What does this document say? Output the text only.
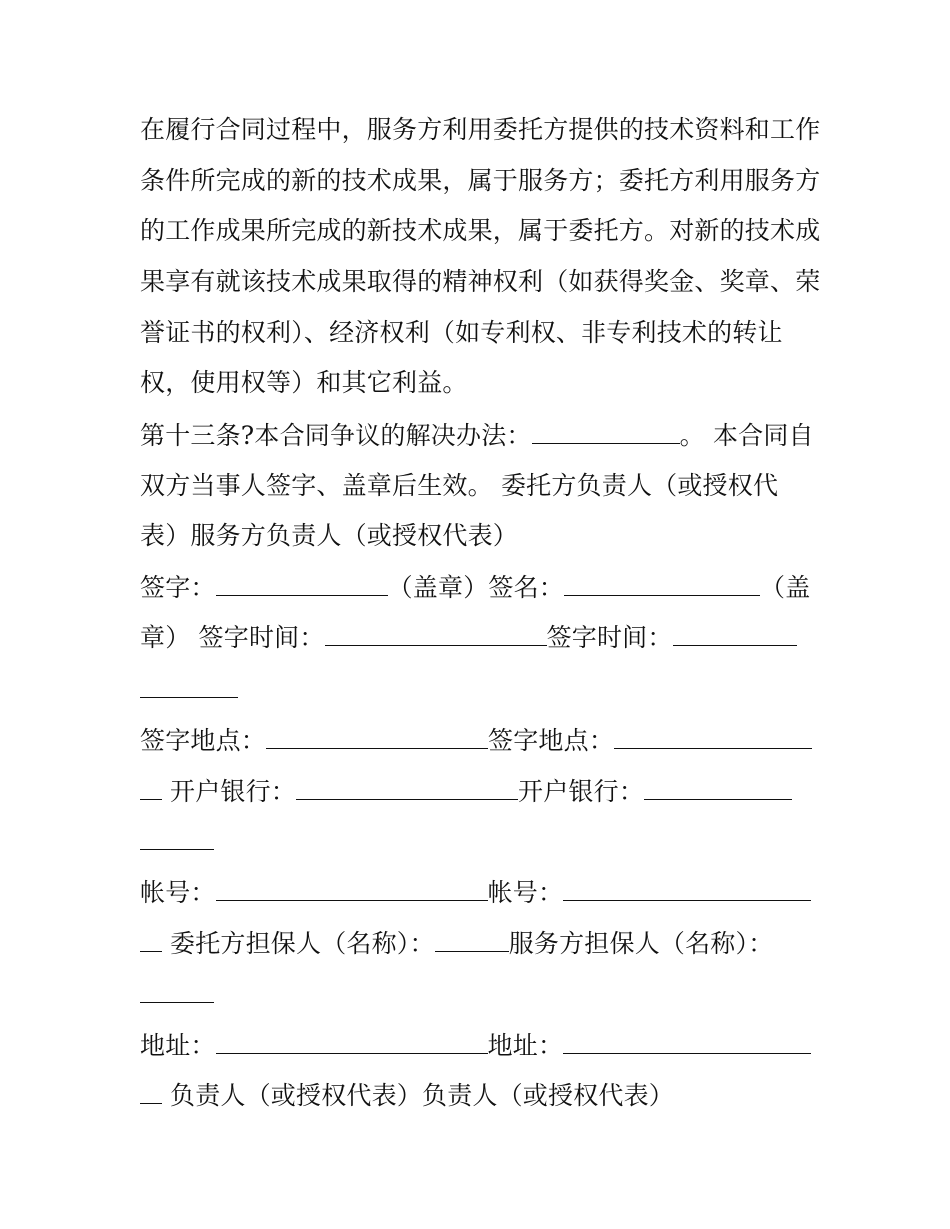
在履行合同过程中，服务方利用委托方提供的技术资料和工作
条件所完成的新的技术成果，属于服务方；委托方利用服务方
的工作成果所完成的新技术成果，属于委托方。对新的技术成
果享有就该技术成果取得的精神权利（如获得奖金、奖章、荣
誉证书的权利）、经济权利（如专利权、非专利技术的转让
权，使用权等）和其它利益。
第十三条?本合同争议的解决办法：	。 本合同自
双方当事人签字、盖章后生效。 委托方负责人（或授权代
表）服务方负责人（或授权代表）
签字：	（盖章）签名：	（盖
章） 签字时间：	签字时间：
签字地点：	签字地点：
开户银行：	开户银行：
帐号：	帐号：
委托方担保人（名称）：	服务方担保人（名称）：
地址：	地址：
负责人（或授权代表）负责人（或授权代表）
